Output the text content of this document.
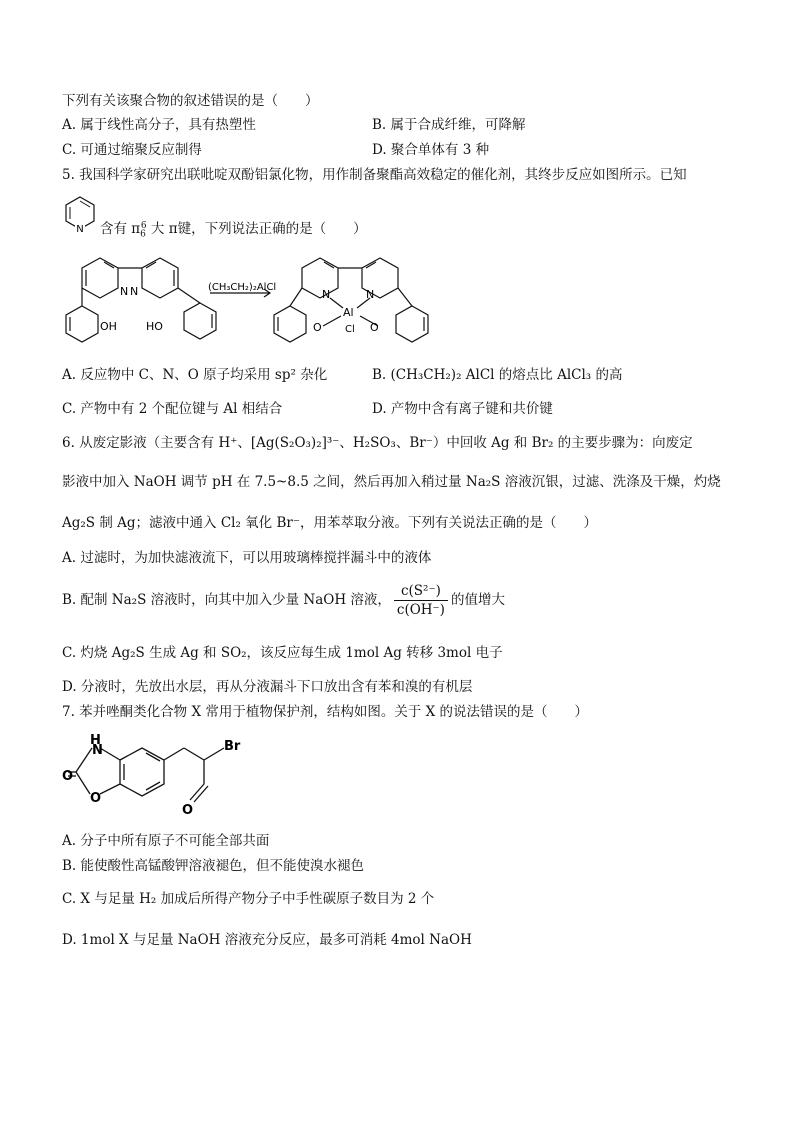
下列有关该聚合物的叙述错误的是（　　）
A. 属于线性高分子，具有热塑性	B. 属于合成纤维，可降解
C. 可通过缩聚反应制得	D. 聚合单体有 3 种
5. 我国科学家研究出联吡啶双酚铝氯化物，用作制备聚酯高效稳定的催化剂，其终步反应如图所示。已知
N 含有 $\pi_6^6$ 大 π键，下列说法正确的是（　　）
N N
OH	HO
(CH₃CH₂)₂AlCl
N	N
Al
Cl
O	O
A. 反应物中 C、N、O 原子均采用 sp² 杂化	B. (CH₃CH₂)₂ AlCl 的熔点比 AlCl₃ 的高
C. 产物中有 2 个配位键与 Al 相结合	D. 产物中含有离子键和共价键
6. 从废定影液（主要含有 H⁺、[Ag(S₂O₃)₂]³⁻、H₂SO₃、Br⁻）中回收 Ag 和 Br₂ 的主要步骤为：向废定
影液中加入 NaOH 调节 pH 在 7.5~8.5 之间，然后再加入稍过量 Na₂S 溶液沉银，过滤、洗涤及干燥，灼烧
Ag₂S 制 Ag；滤液中通入 Cl₂ 氧化 Br⁻，用苯萃取分液。下列有关说法正确的是（　　）
A. 过滤时，为加快滤液流下，可以用玻璃棒搅拌漏斗中的液体
B. 配制 Na₂S 溶液时，向其中加入少量 NaOH 溶液， $\frac{\text{c(S²⁻)}}{c(OH^-)}$ 的值增大
C. 灼烧 Ag₂S 生成 Ag 和 SO₂，该反应每生成 1mol Ag 转移 3mol 电子
D. 分液时，先放出水层，再从分液漏斗下口放出含有苯和溴的有机层
7. 苯并唑酮类化合物 X 常用于植物保护剂，结构如图。关于 X 的说法错误的是（　　）
H
N
O
O
Br
O
A. 分子中所有原子不可能全部共面
B. 能使酸性高锰酸钾溶液褪色，但不能使溴水褪色
C. X 与足量 H₂ 加成后所得产物分子中手性碳原子数目为 2 个
D. 1mol X 与足量 NaOH 溶液充分反应，最多可消耗 4mol NaOH
